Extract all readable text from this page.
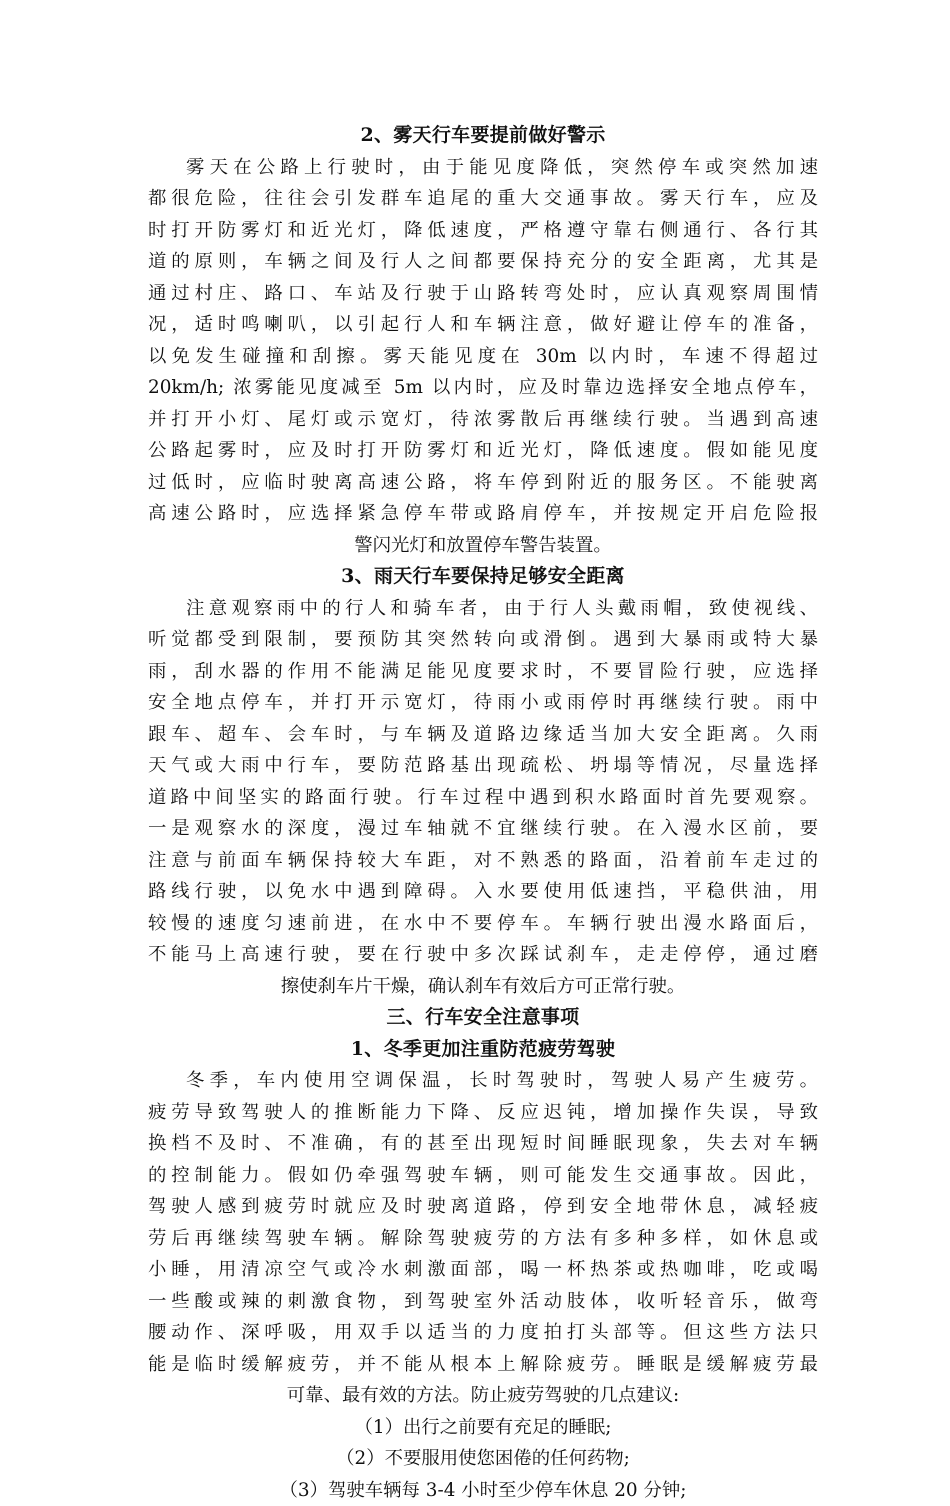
2、雾天行车要提前做好警示
雾天在公路上行驶时，由于能见度降低，突然停车或突然加速
都很危险，往往会引发群车追尾的重大交通事故。雾天行车，应及
时打开防雾灯和近光灯，降低速度，严格遵守靠右侧通行、各行其
道的原则，车辆之间及行人之间都要保持充分的安全距离，尤其是
通过村庄、路口、车站及行驶于山路转弯处时，应认真观察周围情
况，适时鸣喇叭，以引起行人和车辆注意，做好避让停车的准备，
以免发生碰撞和刮擦。雾天能见度在 30m 以内时，车速不得超过
20km/h; 浓雾能见度减至 5m 以内时，应及时靠边选择安全地点停车，
并打开小灯、尾灯或示宽灯，待浓雾散后再继续行驶。当遇到高速
公路起雾时，应及时打开防雾灯和近光灯，降低速度。假如能见度
过低时，应临时驶离高速公路，将车停到附近的服务区。不能驶离
高速公路时，应选择紧急停车带或路肩停车，并按规定开启危险报
警闪光灯和放置停车警告装置。
3、雨天行车要保持足够安全距离
注意观察雨中的行人和骑车者，由于行人头戴雨帽，致使视线、
听觉都受到限制，要预防其突然转向或滑倒。遇到大暴雨或特大暴
雨，刮水器的作用不能满足能见度要求时，不要冒险行驶，应选择
安全地点停车，并打开示宽灯，待雨小或雨停时再继续行驶。雨中
跟车、超车、会车时，与车辆及道路边缘适当加大安全距离。久雨
天气或大雨中行车，要防范路基出现疏松、坍塌等情况，尽量选择
道路中间坚实的路面行驶。行车过程中遇到积水路面时首先要观察。
一是观察水的深度，漫过车轴就不宜继续行驶。在入漫水区前，要
注意与前面车辆保持较大车距，对不熟悉的路面，沿着前车走过的
路线行驶，以免水中遇到障碍。入水要使用低速挡，平稳供油，用
较慢的速度匀速前进，在水中不要停车。车辆行驶出漫水路面后，
不能马上高速行驶，要在行驶中多次踩试刹车，走走停停，通过磨
擦使刹车片干燥，确认刹车有效后方可正常行驶。
三、行车安全注意事项
1、冬季更加注重防范疲劳驾驶
冬季，车内使用空调保温，长时驾驶时，驾驶人易产生疲劳。
疲劳导致驾驶人的推断能力下降、反应迟钝，增加操作失误，导致
换档不及时、不准确，有的甚至出现短时间睡眠现象，失去对车辆
的控制能力。假如仍牵强驾驶车辆，则可能发生交通事故。因此，
驾驶人感到疲劳时就应及时驶离道路，停到安全地带休息，减轻疲
劳后再继续驾驶车辆。解除驾驶疲劳的方法有多种多样，如休息或
小睡，用清凉空气或冷水刺激面部，喝一杯热茶或热咖啡，吃或喝
一些酸或辣的刺激食物，到驾驶室外活动肢体，收听轻音乐，做弯
腰动作、深呼吸，用双手以适当的力度拍打头部等。但这些方法只
能是临时缓解疲劳，并不能从根本上解除疲劳。睡眠是缓解疲劳最
可靠、最有效的方法。防止疲劳驾驶的几点建议:
（1）出行之前要有充足的睡眠;
（2）不要服用使您困倦的任何药物;
（3）驾驶车辆每 3-4 小时至少停车休息 20 分钟;
